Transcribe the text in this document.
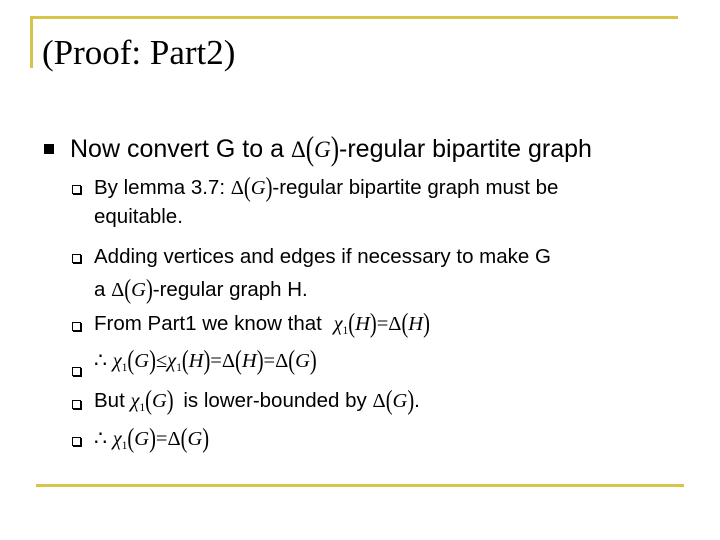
(Proof: Part2)
Now convert G to a Δ(G)-regular bipartite graph
By lemma 3.7: Δ(G)-regular bipartite graph must be
equitable.
Adding vertices and edges if necessary to make G
a Δ(G)-regular graph H.
From Part1 we know that χ1(H)=Δ(H)
∴ χ1(G)≤χ1(H)=Δ(H)=Δ(G)
But χ1(G) is lower-bounded by Δ(G).
∴ χ1(G)=Δ(G)
